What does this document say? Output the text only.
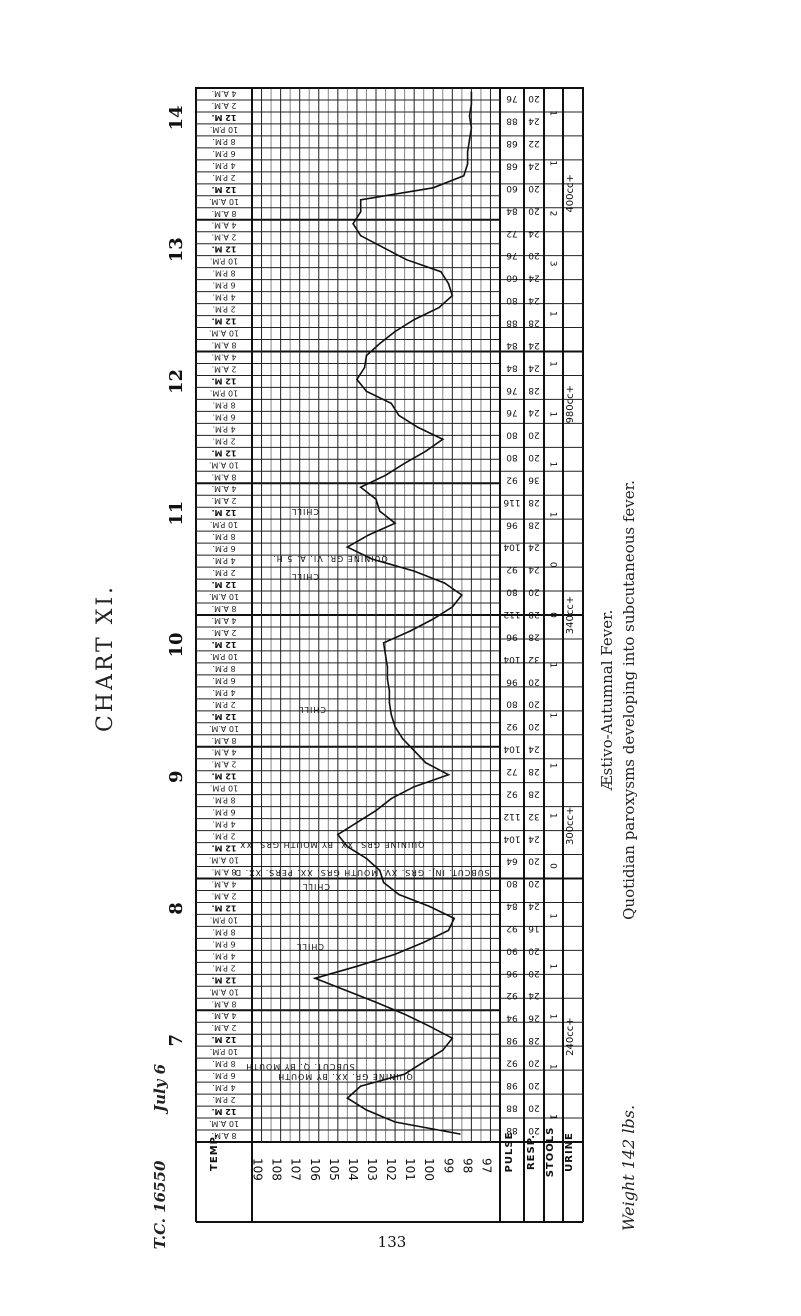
4 A.M.
2 A.M.
12 M.
10 P.M.
8 P.M.
6 P.M.
4 P.M.
2 P.M.
12 M.
10 A.M.
8 A.M.
4 A.M.
2 A.M.
12 M.
10 P.M.
8 P.M.
6 P.M.
4 P.M.
2 P.M.
12 M.
10 A.M.
8 A.M.
4 A.M.
2 A.M.
12 M.
10 P.M.
8 P.M.
6 P.M.
4 P.M.
2 P.M.
12 M.
10 A.M.
8 A.M.
4 A.M.
2 A.M.
12 M.
10 P.M.
8 P.M.
6 P.M.
4 P.M.
2 P.M.
12 M.
10 A.M.
8 A.M.
4 A.M.
2 A.M.
12 M.
10 P.M.
8 P.M.
6 P.M.
4 P.M.
2 P.M.
12 M.
10 A.M.
8 A.M.
4 A.M.
2 A.M.
12 M.
10 P.M.
8 P.M.
6 P.M.
4 P.M.
2 P.M.
12 M.
10 A.M.
8 A.M.
4 A.M.
2 A.M.
12 M.
10 P.M.
8 P.M.
6 P.M.
4 P.M.
2 P.M.
12 M.
10 A.M.
8 A.M.
4 A.M.
2 A.M.
12 M.
10 P.M.
8 P.M.
6 P.M.
4 P.M.
2 P.M.
12 M.
10 A.M.
8 A.M.
109 108 107 106 105 104 103 102 101 100 99 98 97
88 20
88 20
98 20
92 20
98 28
94 26
92 24
96 20
90 20
92 16
84 24
80 20
64 20
104 24
112 32
92 28
72 28
104 24
92 20
80 20
96 20
104 32
96 28
112 28
80 20
92 24
104 24
96 28
116 28
92 36
80 20
80 20
76 24
76 28
84 24
84 24
88 28
80 24
60 24
76 20
72 24
84 20
60 20
68 24
68 22
88 24
76 20
240cc+
300cc+
340cc+
980cc+
400cc+
1
1
1
1
1
0
1
1
1
1
0
0
1
1
1
1
1
3
2
1
1
QUININE GRS. XX. BY MOUTH GRS. XX.
CHILL
SUBCUT. INJ. GRS. XV. MOUTH GRS. XX. PERS. XX. D.
CHILL
CHILL
CHILL
QUININE GR. VI. A. 5 H.
CHILL
SUBCUT. Q. BY MOUTH
QUININE GR. XX. BY MOUTH
7
8
9
10
11
12
13
14
CHART XI.
T.C. 16550
July 6
Æstivo-Autumnal Fever. Quotidian paroxysms developing into subcutaneous fever.
Weight 142 lbs.
133
TEMP.	PULSE RESP. STOOLS URINE
